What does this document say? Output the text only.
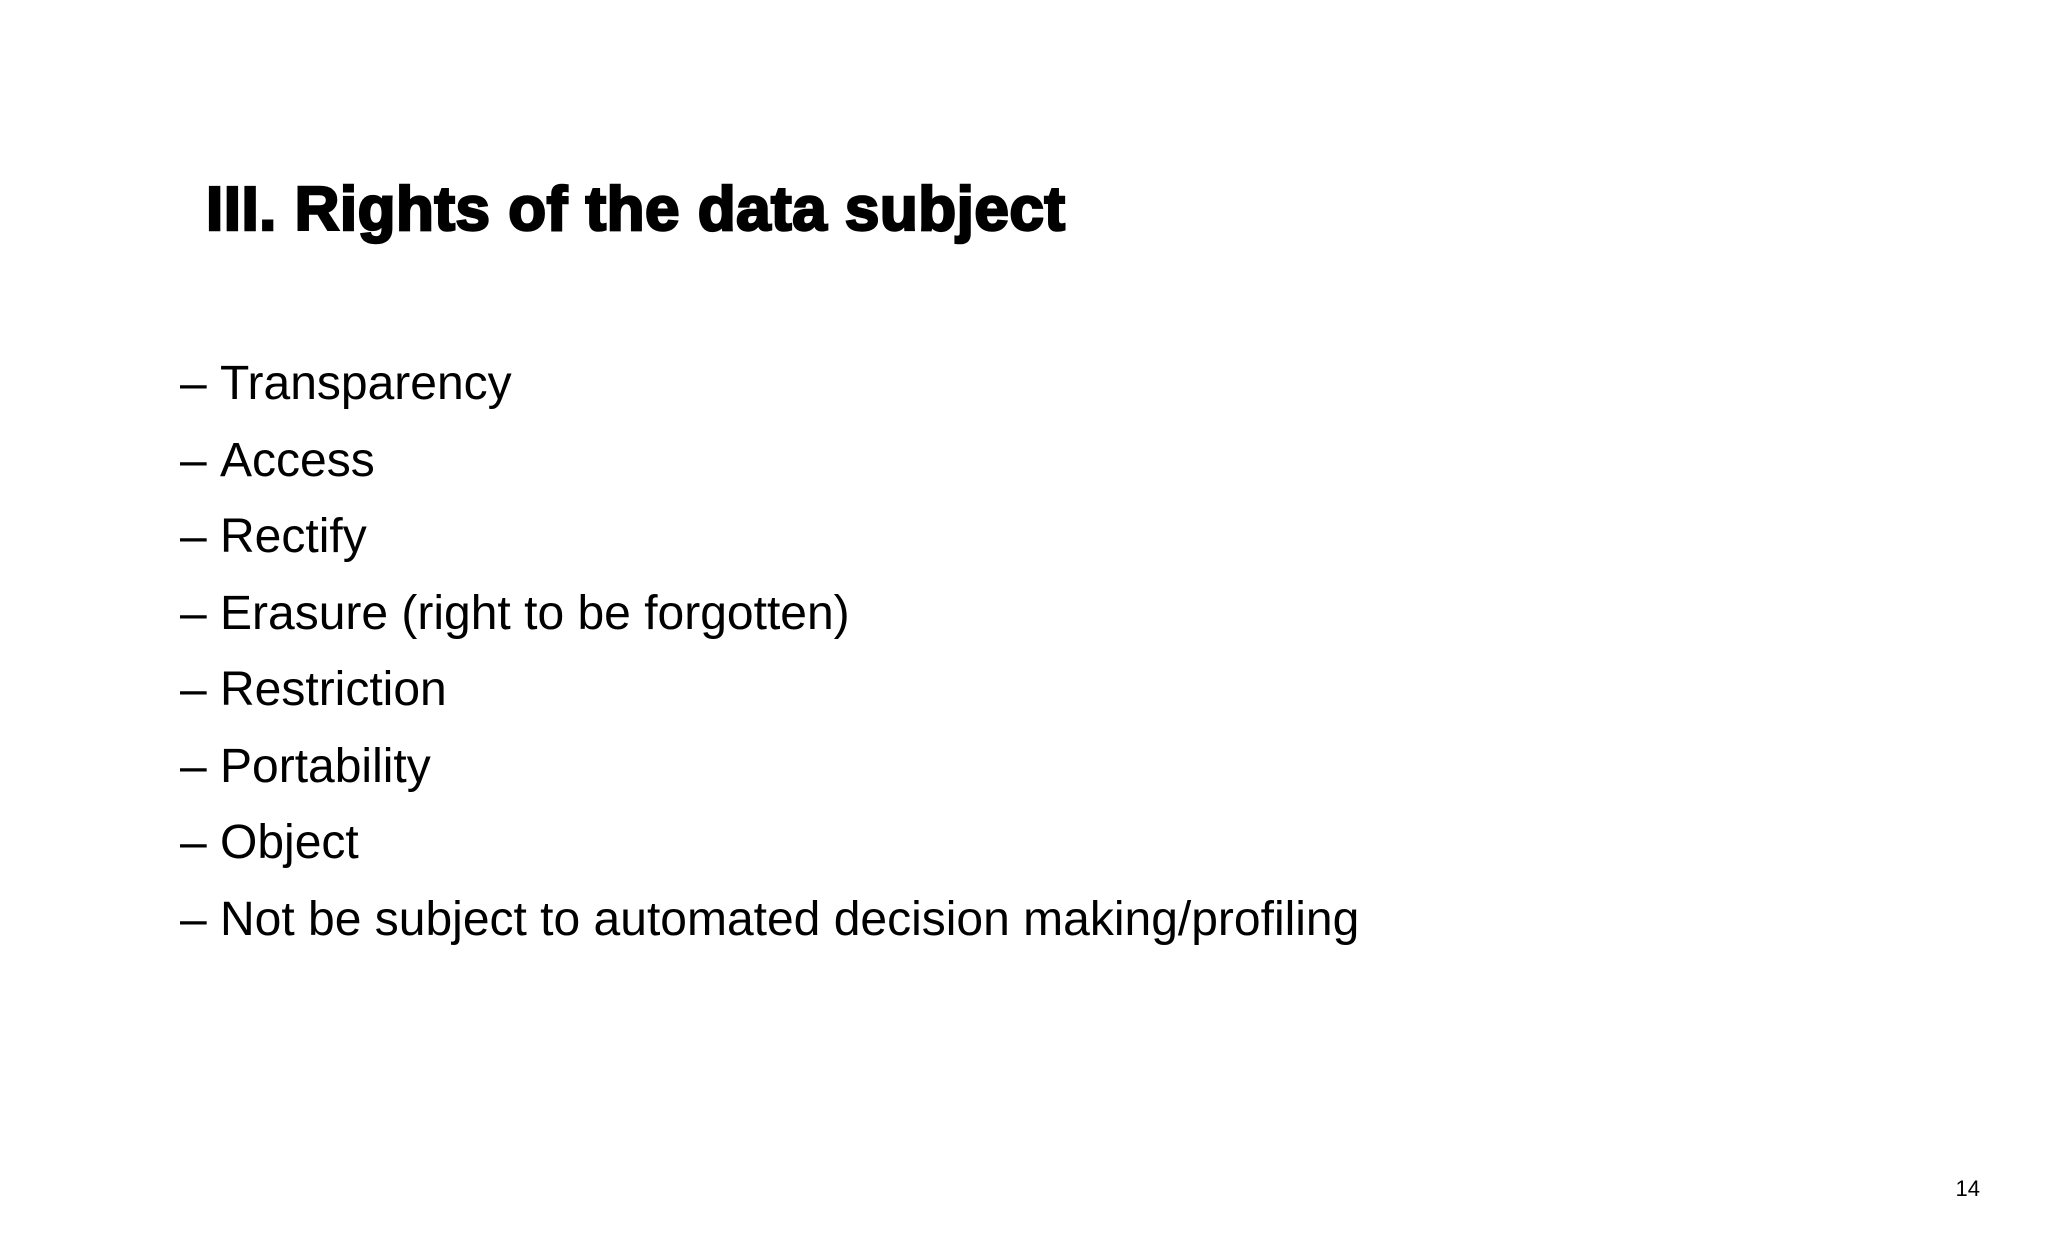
III. Rights of the data subject
– Transparency
– Access
– Rectify
– Erasure (right to be forgotten)
– Restriction
– Portability
– Object
– Not be subject to automated decision making/profiling
14
